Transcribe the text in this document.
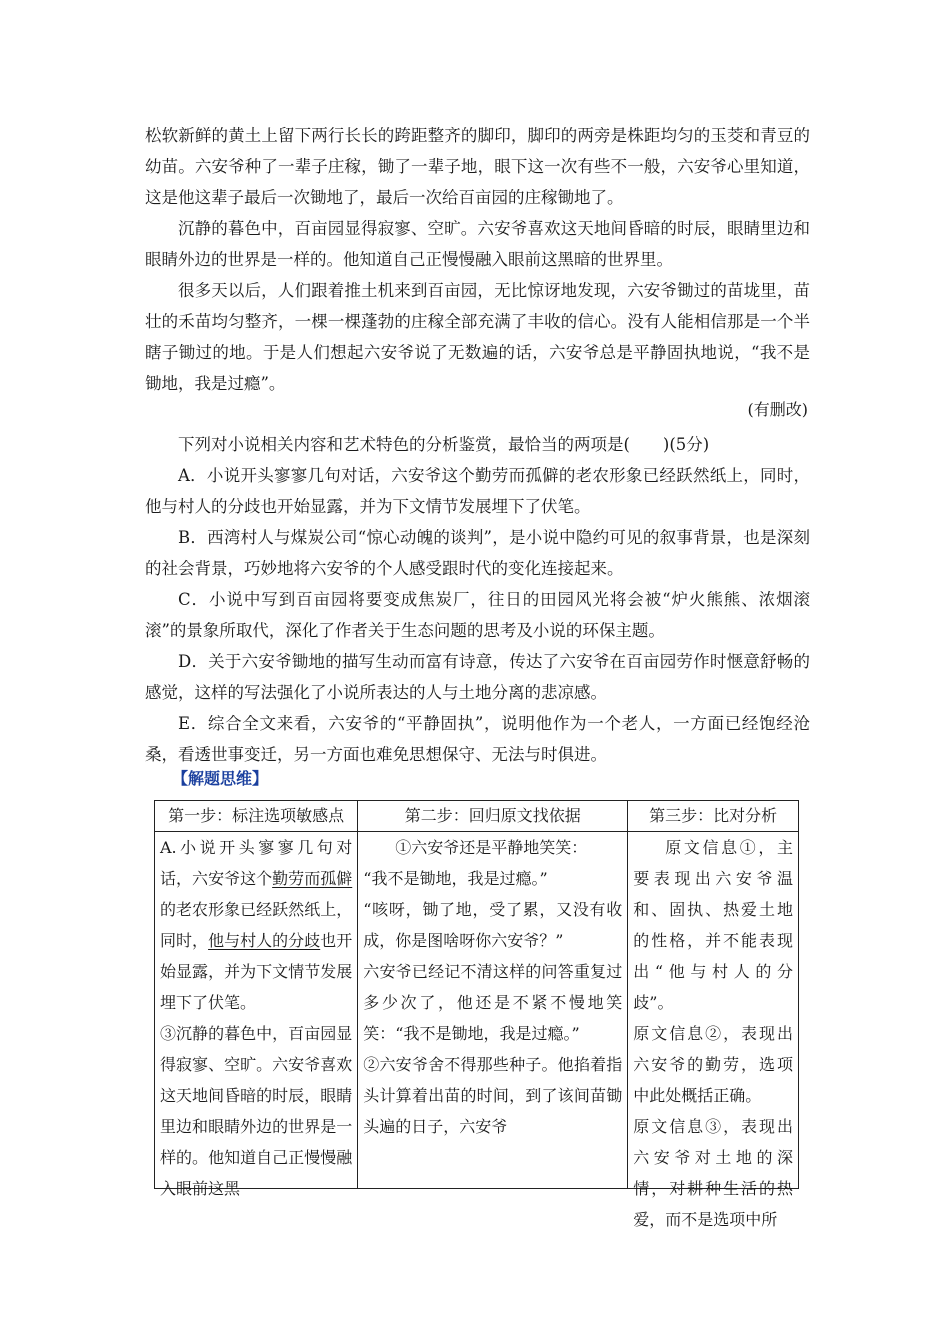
松软新鲜的黄土上留下两行长长的跨距整齐的脚印，脚印的两旁是株距均匀的玉茭和青豆的幼苗。六安爷种了一辈子庄稼，锄了一辈子地，眼下这一次有些不一般，六安爷心里知道，这是他这辈子最后一次锄地了，最后一次给百亩园的庄稼锄地了。

沉静的暮色中，百亩园显得寂寥、空旷。六安爷喜欢这天地间昏暗的时辰，眼睛里边和眼睛外边的世界是一样的。他知道自己正慢慢融入眼前这黑暗的世界里。

很多天以后，人们跟着推土机来到百亩园，无比惊讶地发现，六安爷锄过的苗垅里，苗壮的禾苗均匀整齐，一棵一棵蓬勃的庄稼全部充满了丰收的信心。没有人能相信那是一个半瞎子锄过的地。于是人们想起六安爷说了无数遍的话，六安爷总是平静固执地说，“我不是锄地，我是过瘾”。

(有删改)

下列对小说相关内容和艺术特色的分析鉴赏，最恰当的两项是(　　)(5分)

A．小说开头寥寥几句对话，六安爷这个勤劳而孤僻的老农形象已经跃然纸上，同时，他与村人的分歧也开始显露，并为下文情节发展埋下了伏笔。

B．西湾村人与煤炭公司“惊心动魄的谈判”，是小说中隐约可见的叙事背景，也是深刻的社会背景，巧妙地将六安爷的个人感受跟时代的变化连接起来。

C．小说中写到百亩园将要变成焦炭厂，往日的田园风光将会被“炉火熊熊、浓烟滚滚”的景象所取代，深化了作者关于生态问题的思考及小说的环保主题。

D．关于六安爷锄地的描写生动而富有诗意，传达了六安爷在百亩园劳作时惬意舒畅的感觉，这样的写法强化了小说所表达的人与土地分离的悲凉感。

E．综合全文来看，六安爷的“平静固执”，说明他作为一个老人，一方面已经饱经沧桑，看透世事变迁，另一方面也难免思想保守、无法与时俱进。

【解题思维】
第一步：标注选项敏感点	第二步：回归原文找依据	第三步：比对分析

A.小说开头寥寥几句对话，六安爷这个勤劳而孤僻的老农形象已经跃然纸上，同时，他与村人的分歧也开始显露，并为下文情节发展埋下了伏笔。
③沉静的暮色中，百亩园显得寂寥、空旷。六安爷喜欢这天地间昏暗的时辰，眼睛里边和眼睛外边的世界是一样的。他知道自己正慢慢融入眼前这黑	①六安爷还是平静地笑笑：
“我不是锄地，我是过瘾。”
“咳呀，锄了地，受了累，又没有收成，你是图啥呀你六安爷？”
六安爷已经记不清这样的问答重复过多少次了，他还是不紧不慢地笑笑：“我不是锄地，我是过瘾。”
②六安爷舍不得那些种子。他掐着指头计算着出苗的时间，到了该间苗锄头遍的日子，六安爷	原文信息①，主要表现出六安爷温和、固执、热爱土地的性格，并不能表现出“他与村人的分歧”。
原文信息②，表现出六安爷的勤劳，选项中此处概括正确。
原文信息③，表现出六安爷对土地的深情，对耕种生活的热爱，而不是选项中所
